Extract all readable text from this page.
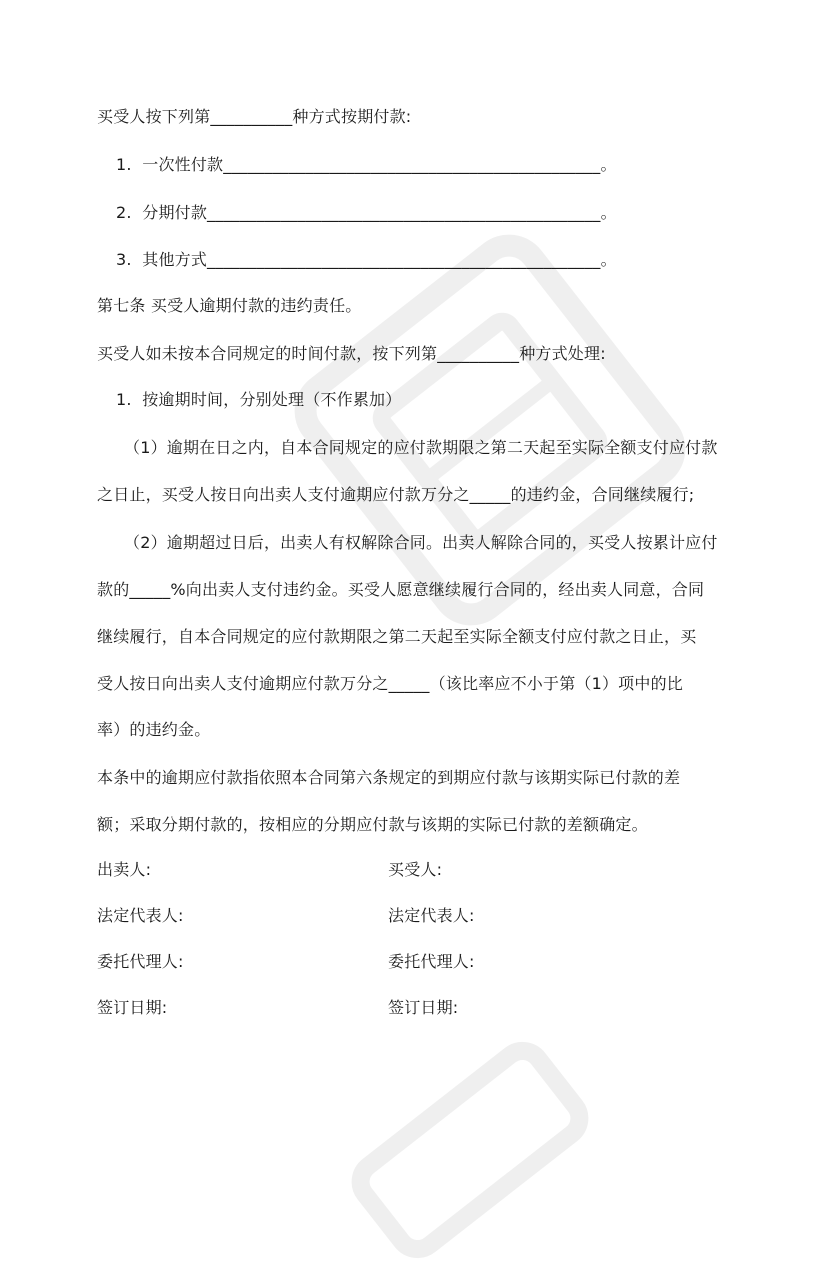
买受人按下列第__________种方式按期付款:
1.  一次性付款______________________________________________。
2.  分期付款________________________________________________。
3.  其他方式________________________________________________。
第七条 买受人逾期付款的违约责任。
买受人如未按本合同规定的时间付款，按下列第__________种方式处理:
1.  按逾期时间，分别处理（不作累加）
（1）逾期在日之内，自本合同规定的应付款期限之第二天起至实际全额支付应付款
之日止，买受人按日向出卖人支付逾期应付款万分之_____的违约金，合同继续履行;
（2）逾期超过日后，出卖人有权解除合同。出卖人解除合同的，买受人按累计应付
款的_____%向出卖人支付违约金。买受人愿意继续履行合同的，经出卖人同意，合同
继续履行，自本合同规定的应付款期限之第二天起至实际全额支付应付款之日止，买
受人按日向出卖人支付逾期应付款万分之_____（该比率应不小于第（1）项中的比
率）的违约金。
本条中的逾期应付款指依照本合同第六条规定的到期应付款与该期实际已付款的差
额；采取分期付款的，按相应的分期应付款与该期的实际已付款的差额确定。
出卖人:	买受人:
法定代表人:	法定代表人:
委托代理人:	委托代理人:
签订日期:	签订日期:
